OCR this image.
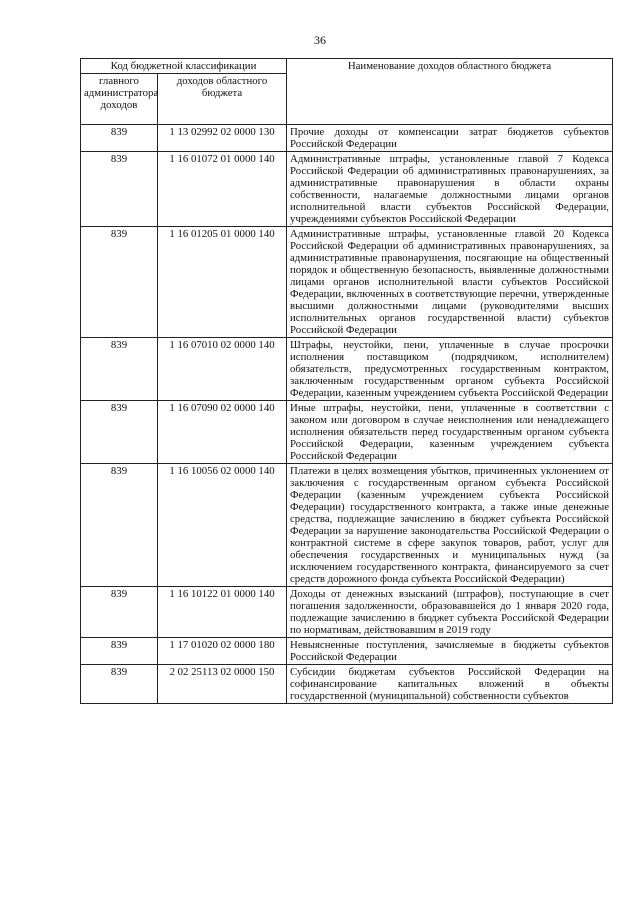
36
Код бюджетной классификации		Наименование доходов областного бюджета
главного администратора доходов	доходов областного бюджета	
839	1 13 02992 02 0000 130	Прочие доходы от компенсации затрат бюджетов субъектов Российской Федерации
839	1 16 01072 01 0000 140	Административные штрафы, установленные главой 7 Кодекса Российской Федерации об административных правонарушениях, за административные правонарушения в области охраны собственности, налагаемые должностными лицами органов исполнительной власти субъектов Российской Федерации, учреждениями субъектов Российской Федерации
839	1 16 01205 01 0000 140	Административные штрафы, установленные главой 20 Кодекса Российской Федерации об административных правонарушениях, за административные правонарушения, посягающие на общественный порядок и общественную безопасность, выявленные должностными лицами органов исполнительной власти субъектов Российской Федерации, включенных в соответствующие перечни, утвержденные высшими должностными лицами (руководителями высших исполнительных органов государственной власти) субъектов Российской Федерации
839	1 16 07010 02 0000 140	Штрафы, неустойки, пени, уплаченные в случае просрочки исполнения поставщиком (подрядчиком, исполнителем) обязательств, предусмотренных государственным контрактом, заключенным государственным органом субъекта Российской Федерации, казенным учреждением субъекта Российской Федерации
839	1 16 07090 02 0000 140	Иные штрафы, неустойки, пени, уплаченные в соответствии с законом или договором в случае неисполнения или ненадлежащего исполнения обязательств перед государственным органом субъекта Российской Федерации, казенным учреждением субъекта Российской Федерации
839	1 16 10056 02 0000 140	Платежи в целях возмещения убытков, причиненных уклонением от заключения с государственным органом субъекта Российской Федерации (казенным учреждением субъекта Российской Федерации) государственного контракта, а также иные денежные средства, подлежащие зачислению в бюджет субъекта Российской Федерации за нарушение законодательства Российской Федерации о контрактной системе в сфере закупок товаров, работ, услуг для обеспечения государственных и муниципальных нужд (за исключением государственного контракта, финансируемого за счет средств дорожного фонда субъекта Российской Федерации)
839	1 16 10122 01 0000 140	Доходы от денежных взысканий (штрафов), поступающие в счет погашения задолженности, образовавшейся до 1 января 2020 года, подлежащие зачислению в бюджет субъекта Российской Федерации по нормативам, действовавшим в 2019 году
839	1 17 01020 02 0000 180	Невыясненные поступления, зачисляемые в бюджеты субъектов Российской Федерации
839	2 02 25113 02 0000 150	Субсидии бюджетам субъектов Российской Федерации на софинансирование капитальных вложений в объекты государственной (муниципальной) собственности субъектов
